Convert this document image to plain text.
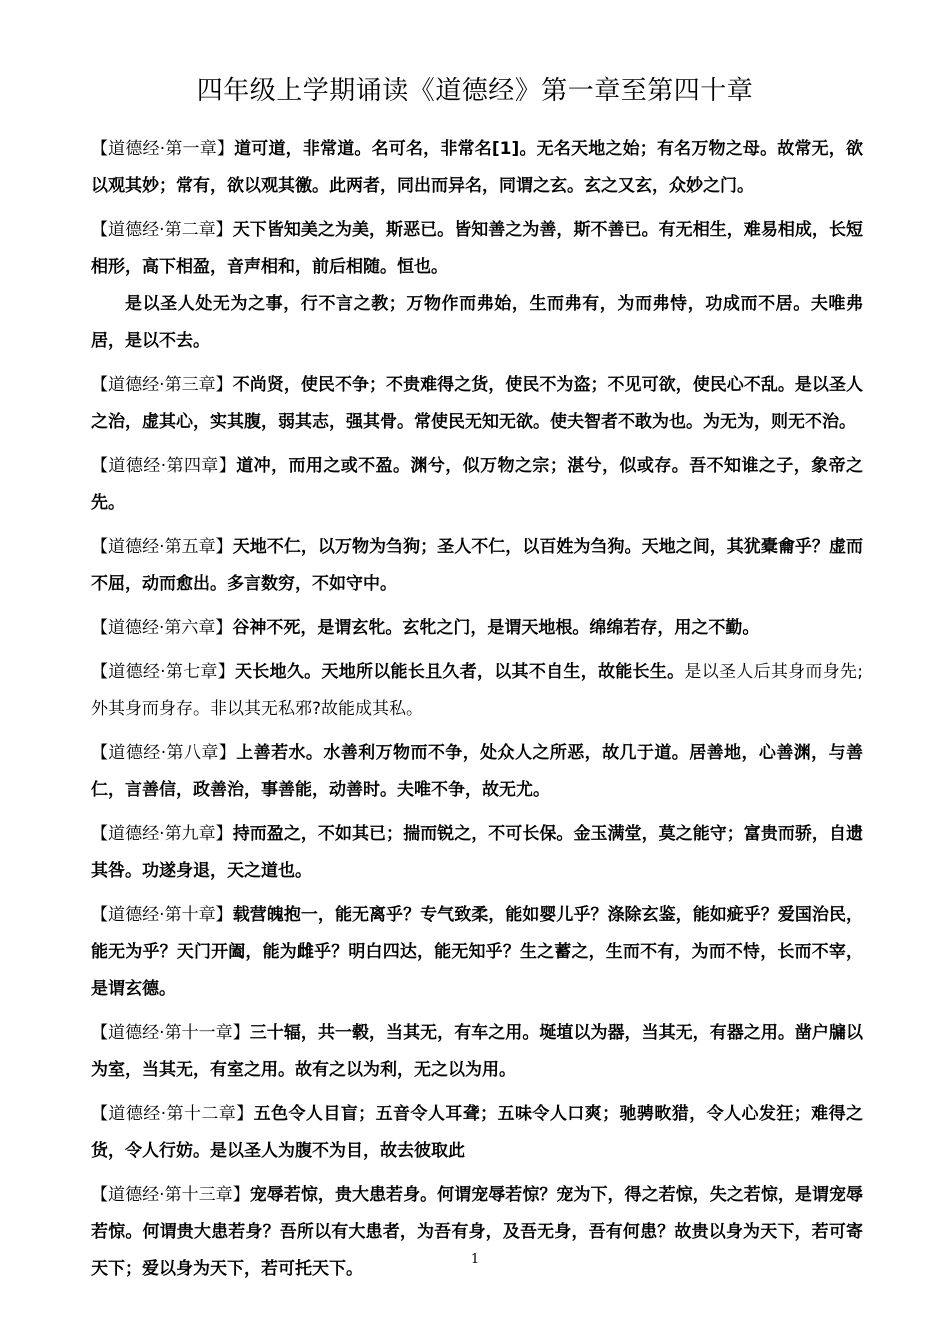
四年级上学期诵读《道德经》第一章至第四十章

【道德经·第一章】道可道，非常道。名可名，非常名[1]。无名天地之始；有名万物之母。故常无，欲以观其妙；常有，欲以观其徼。此两者，同出而异名，同谓之玄。玄之又玄，众妙之门。

【道德经·第二章】天下皆知美之为美，斯恶已。皆知善之为善，斯不善已。有无相生，难易相成，长短相形，高下相盈，音声相和，前后相随。恒也。

是以圣人处无为之事，行不言之教；万物作而弗始，生而弗有，为而弗恃，功成而不居。夫唯弗居，是以不去。

【道德经·第三章】不尚贤，使民不争；不贵难得之货，使民不为盗；不见可欲，使民心不乱。是以圣人之治，虚其心，实其腹，弱其志，强其骨。常使民无知无欲。使夫智者不敢为也。为无为，则无不治。

【道德经·第四章】道冲，而用之或不盈。渊兮，似万物之宗；湛兮，似或存。吾不知谁之子，象帝之先。

【道德经·第五章】天地不仁，以万物为刍狗；圣人不仁，以百姓为刍狗。天地之间，其犹橐龠乎？虚而不屈，动而愈出。多言数穷，不如守中。

【道德经·第六章】谷神不死，是谓玄牝。玄牝之门，是谓天地根。绵绵若存，用之不勤。

【道德经·第七章】天长地久。天地所以能长且久者，以其不自生，故能长生。是以圣人后其身而身先;外其身而身存。非以其无私邪?故能成其私。

【道德经·第八章】上善若水。水善利万物而不争，处众人之所恶，故几于道。居善地，心善渊，与善仁，言善信，政善治，事善能，动善时。夫唯不争，故无尤。

【道德经·第九章】持而盈之，不如其已；揣而锐之，不可长保。金玉满堂，莫之能守；富贵而骄，自遗其咎。功遂身退，天之道也。

【道德经·第十章】载营魄抱一，能无离乎？专气致柔，能如婴儿乎？涤除玄鉴，能如疵乎？爱国治民，能无为乎？天门开阖，能为雌乎？明白四达，能无知乎？生之蓄之，生而不有，为而不恃，长而不宰，是谓玄德。

【道德经·第十一章】三十辐，共一毂，当其无，有车之用。埏埴以为器，当其无，有器之用。凿户牖以为室，当其无，有室之用。故有之以为利，无之以为用。

【道德经·第十二章】五色令人目盲；五音令人耳聋；五味令人口爽；驰骋畋猎，令人心发狂；难得之货，令人行妨。是以圣人为腹不为目，故去彼取此

【道德经·第十三章】宠辱若惊，贵大患若身。何谓宠辱若惊？宠为下，得之若惊，失之若惊，是谓宠辱若惊。何谓贵大患若身？吾所以有大患者，为吾有身，及吾无身，吾有何患？故贵以身为天下，若可寄天下；爱以身为天下，若可托天下。	1
